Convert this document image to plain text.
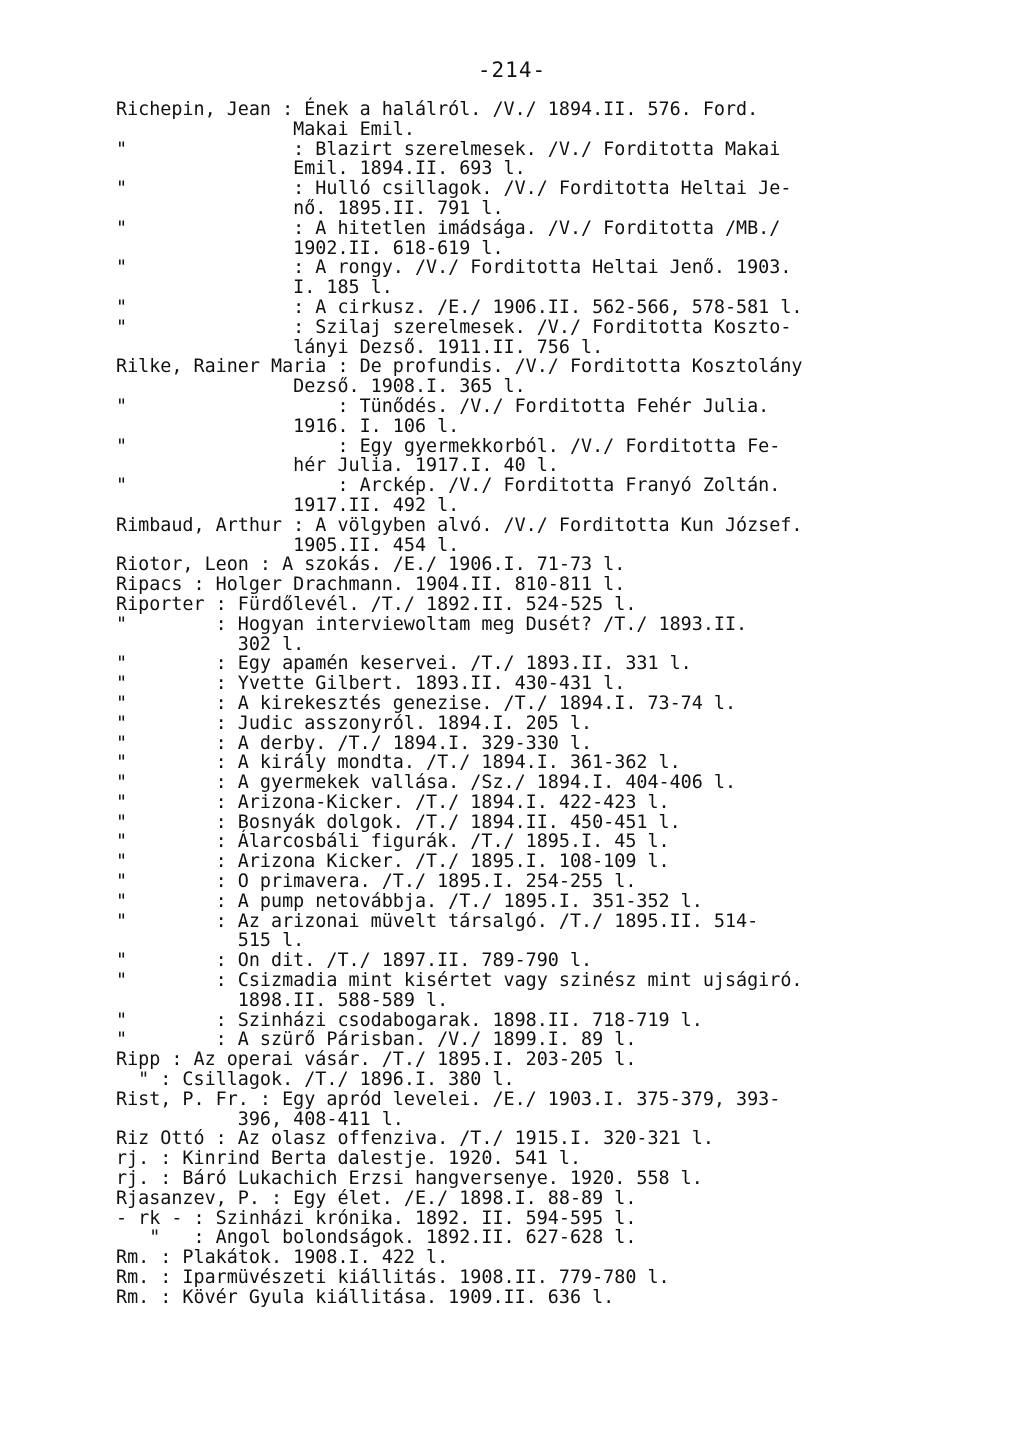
-214-
Richepin, Jean : Ének a halálról. /V./ 1894.II. 576. Ford.
Makai Emil.
"               : Blazirt szerelmesek. /V./ Forditotta Makai
Emil. 1894.II. 693 l.
"               : Hulló csillagok. /V./ Forditotta Heltai Je-
nő. 1895.II. 791 l.
"               : A hitetlen imádsága. /V./ Forditotta /MB./
1902.II. 618-619 l.
"               : A rongy. /V./ Forditotta Heltai Jenő. 1903.
I. 185 l.
"               : A cirkusz. /E./ 1906.II. 562-566, 578-581 l.
"               : Szilaj szerelmesek. /V./ Forditotta Koszto-
lányi Dezső. 1911.II. 756 l.
Rilke, Rainer Maria : De profundis. /V./ Forditotta Kosztolány
Dezső. 1908.I. 365 l.
"                   : Tünődés. /V./ Forditotta Fehér Julia.
1916. I. 106 l.
"                   : Egy gyermekkorból. /V./ Forditotta Fe-
hér Julia. 1917.I. 40 l.
"                   : Arckép. /V./ Forditotta Franyó Zoltán.
1917.II. 492 l.
Rimbaud, Arthur : A völgyben alvó. /V./ Forditotta Kun József.
1905.II. 454 l.
Riotor, Leon : A szokás. /E./ 1906.I. 71-73 l.
Ripacs : Holger Drachmann. 1904.II. 810-811 l.
Riporter : Fürdőlevél. /T./ 1892.II. 524-525 l.
"        : Hogyan interviewoltam meg Dusét? /T./ 1893.II.
302 l.
"        : Egy apamén keservei. /T./ 1893.II. 331 l.
"        : Yvette Gilbert. 1893.II. 430-431 l.
"        : A kirekesztés genezise. /T./ 1894.I. 73-74 l.
"        : Judic asszonyról. 1894.I. 205 l.
"        : A derby. /T./ 1894.I. 329-330 l.
"        : A király mondta. /T./ 1894.I. 361-362 l.
"        : A gyermekek vallása. /Sz./ 1894.I. 404-406 l.
"        : Arizona-Kicker. /T./ 1894.I. 422-423 l.
"        : Bosnyák dolgok. /T./ 1894.II. 450-451 l.
"        : Álarcosbáli figurák. /T./ 1895.I. 45 l.
"        : Arizona Kicker. /T./ 1895.I. 108-109 l.
"        : O primavera. /T./ 1895.I. 254-255 l.
"        : A pump netovábbja. /T./ 1895.I. 351-352 l.
"        : Az arizonai müvelt társalgó. /T./ 1895.II. 514-
515 l.
"        : On dit. /T./ 1897.II. 789-790 l.
"        : Csizmadia mint kisértet vagy szinész mint ujságiró.
1898.II. 588-589 l.
"        : Szinházi csodabogarak. 1898.II. 718-719 l.
"        : A szürő Párisban. /V./ 1899.I. 89 l.
Ripp : Az operai vásár. /T./ 1895.I. 203-205 l.
" : Csillagok. /T./ 1896.I. 380 l.
Rist, P. Fr. : Egy apród levelei. /E./ 1903.I. 375-379, 393-
396, 408-411 l.
Riz Ottó : Az olasz offenziva. /T./ 1915.I. 320-321 l.
rj. : Kinrind Berta dalestje. 1920. 541 l.
rj. : Báró Lukachich Erzsi hangversenye. 1920. 558 l.
Rjasanzev, P. : Egy élet. /E./ 1898.I. 88-89 l.
- rk - : Szinházi krónika. 1892. II. 594-595 l.
"   : Angol bolondságok. 1892.II. 627-628 l.
Rm. : Plakátok. 1908.I. 422 l.
Rm. : Iparmüvészeti kiállitás. 1908.II. 779-780 l.
Rm. : Kövér Gyula kiállitása. 1909.II. 636 l.
